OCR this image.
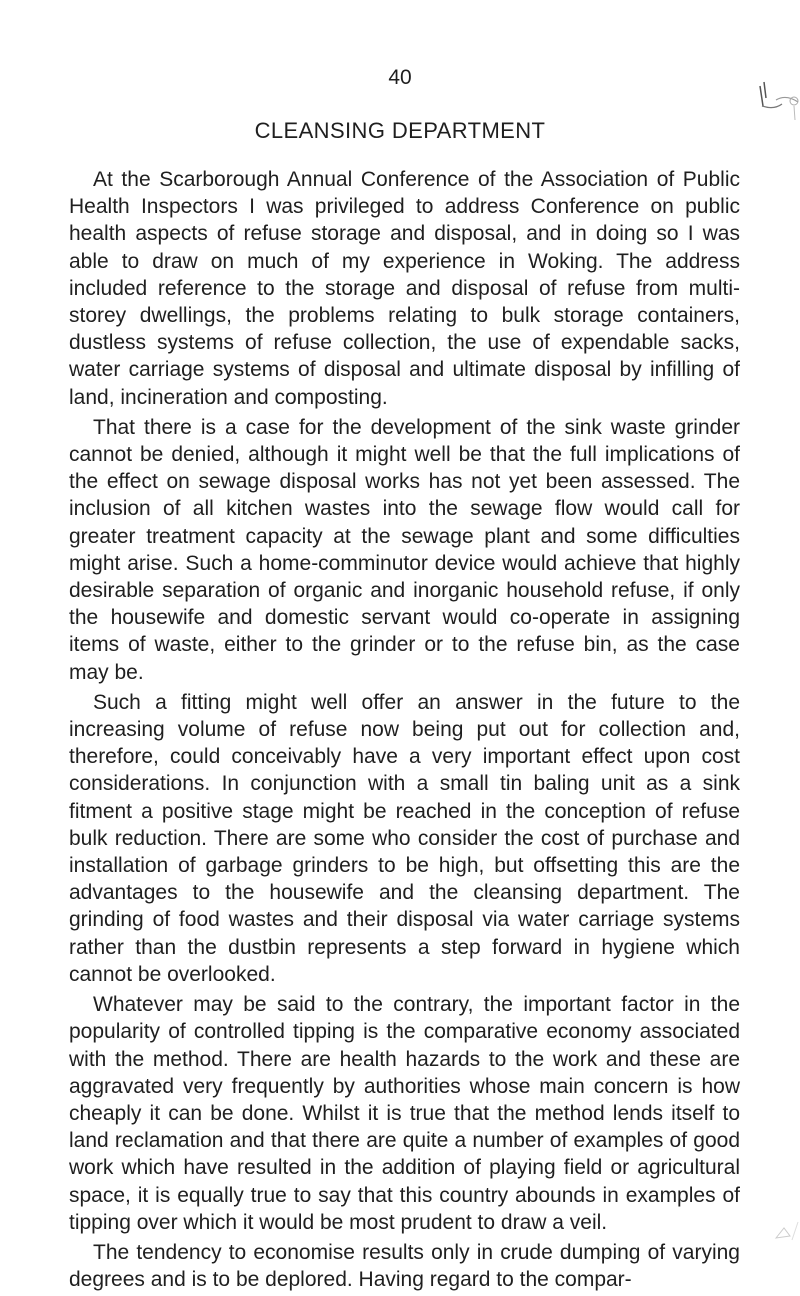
40
CLEANSING DEPARTMENT

At the Scarborough Annual Conference of the Association of Public Health Inspectors I was privileged to address Conference on public health aspects of refuse storage and disposal, and in doing so I was able to draw on much of my experience in Woking. The address included reference to the storage and disposal of refuse from multi-storey dwellings, the problems relating to bulk storage containers, dustless systems of refuse collection, the use of expendable sacks, water carriage systems of disposal and ultimate disposal by infilling of land, incineration and composting.

That there is a case for the development of the sink waste grinder cannot be denied, although it might well be that the full implications of the effect on sewage disposal works has not yet been assessed. The inclusion of all kitchen wastes into the sewage flow would call for greater treatment capacity at the sewage plant and some difficulties might arise. Such a home-comminutor device would achieve that highly desirable separation of organic and inorganic household refuse, if only the housewife and domestic servant would co-operate in assigning items of waste, either to the grinder or to the refuse bin, as the case may be.

Such a fitting might well offer an answer in the future to the increasing volume of refuse now being put out for collection and, therefore, could conceivably have a very important effect upon cost considerations. In conjunction with a small tin baling unit as a sink fitment a positive stage might be reached in the conception of refuse bulk reduction. There are some who consider the cost of purchase and installation of garbage grinders to be high, but offsetting this are the advantages to the housewife and the cleansing department. The grinding of food wastes and their disposal via water carriage systems rather than the dustbin represents a step forward in hygiene which cannot be overlooked.

Whatever may be said to the contrary, the important factor in the popularity of controlled tipping is the comparative economy associated with the method. There are health hazards to the work and these are aggravated very frequently by authorities whose main concern is how cheaply it can be done. Whilst it is true that the method lends itself to land reclamation and that there are quite a number of examples of good work which have resulted in the addition of playing field or agricultural space, it is equally true to say that this country abounds in examples of tipping over which it would be most prudent to draw a veil.

The tendency to economise results only in crude dumping of varying degrees and is to be deplored. Having regard to the compar-
